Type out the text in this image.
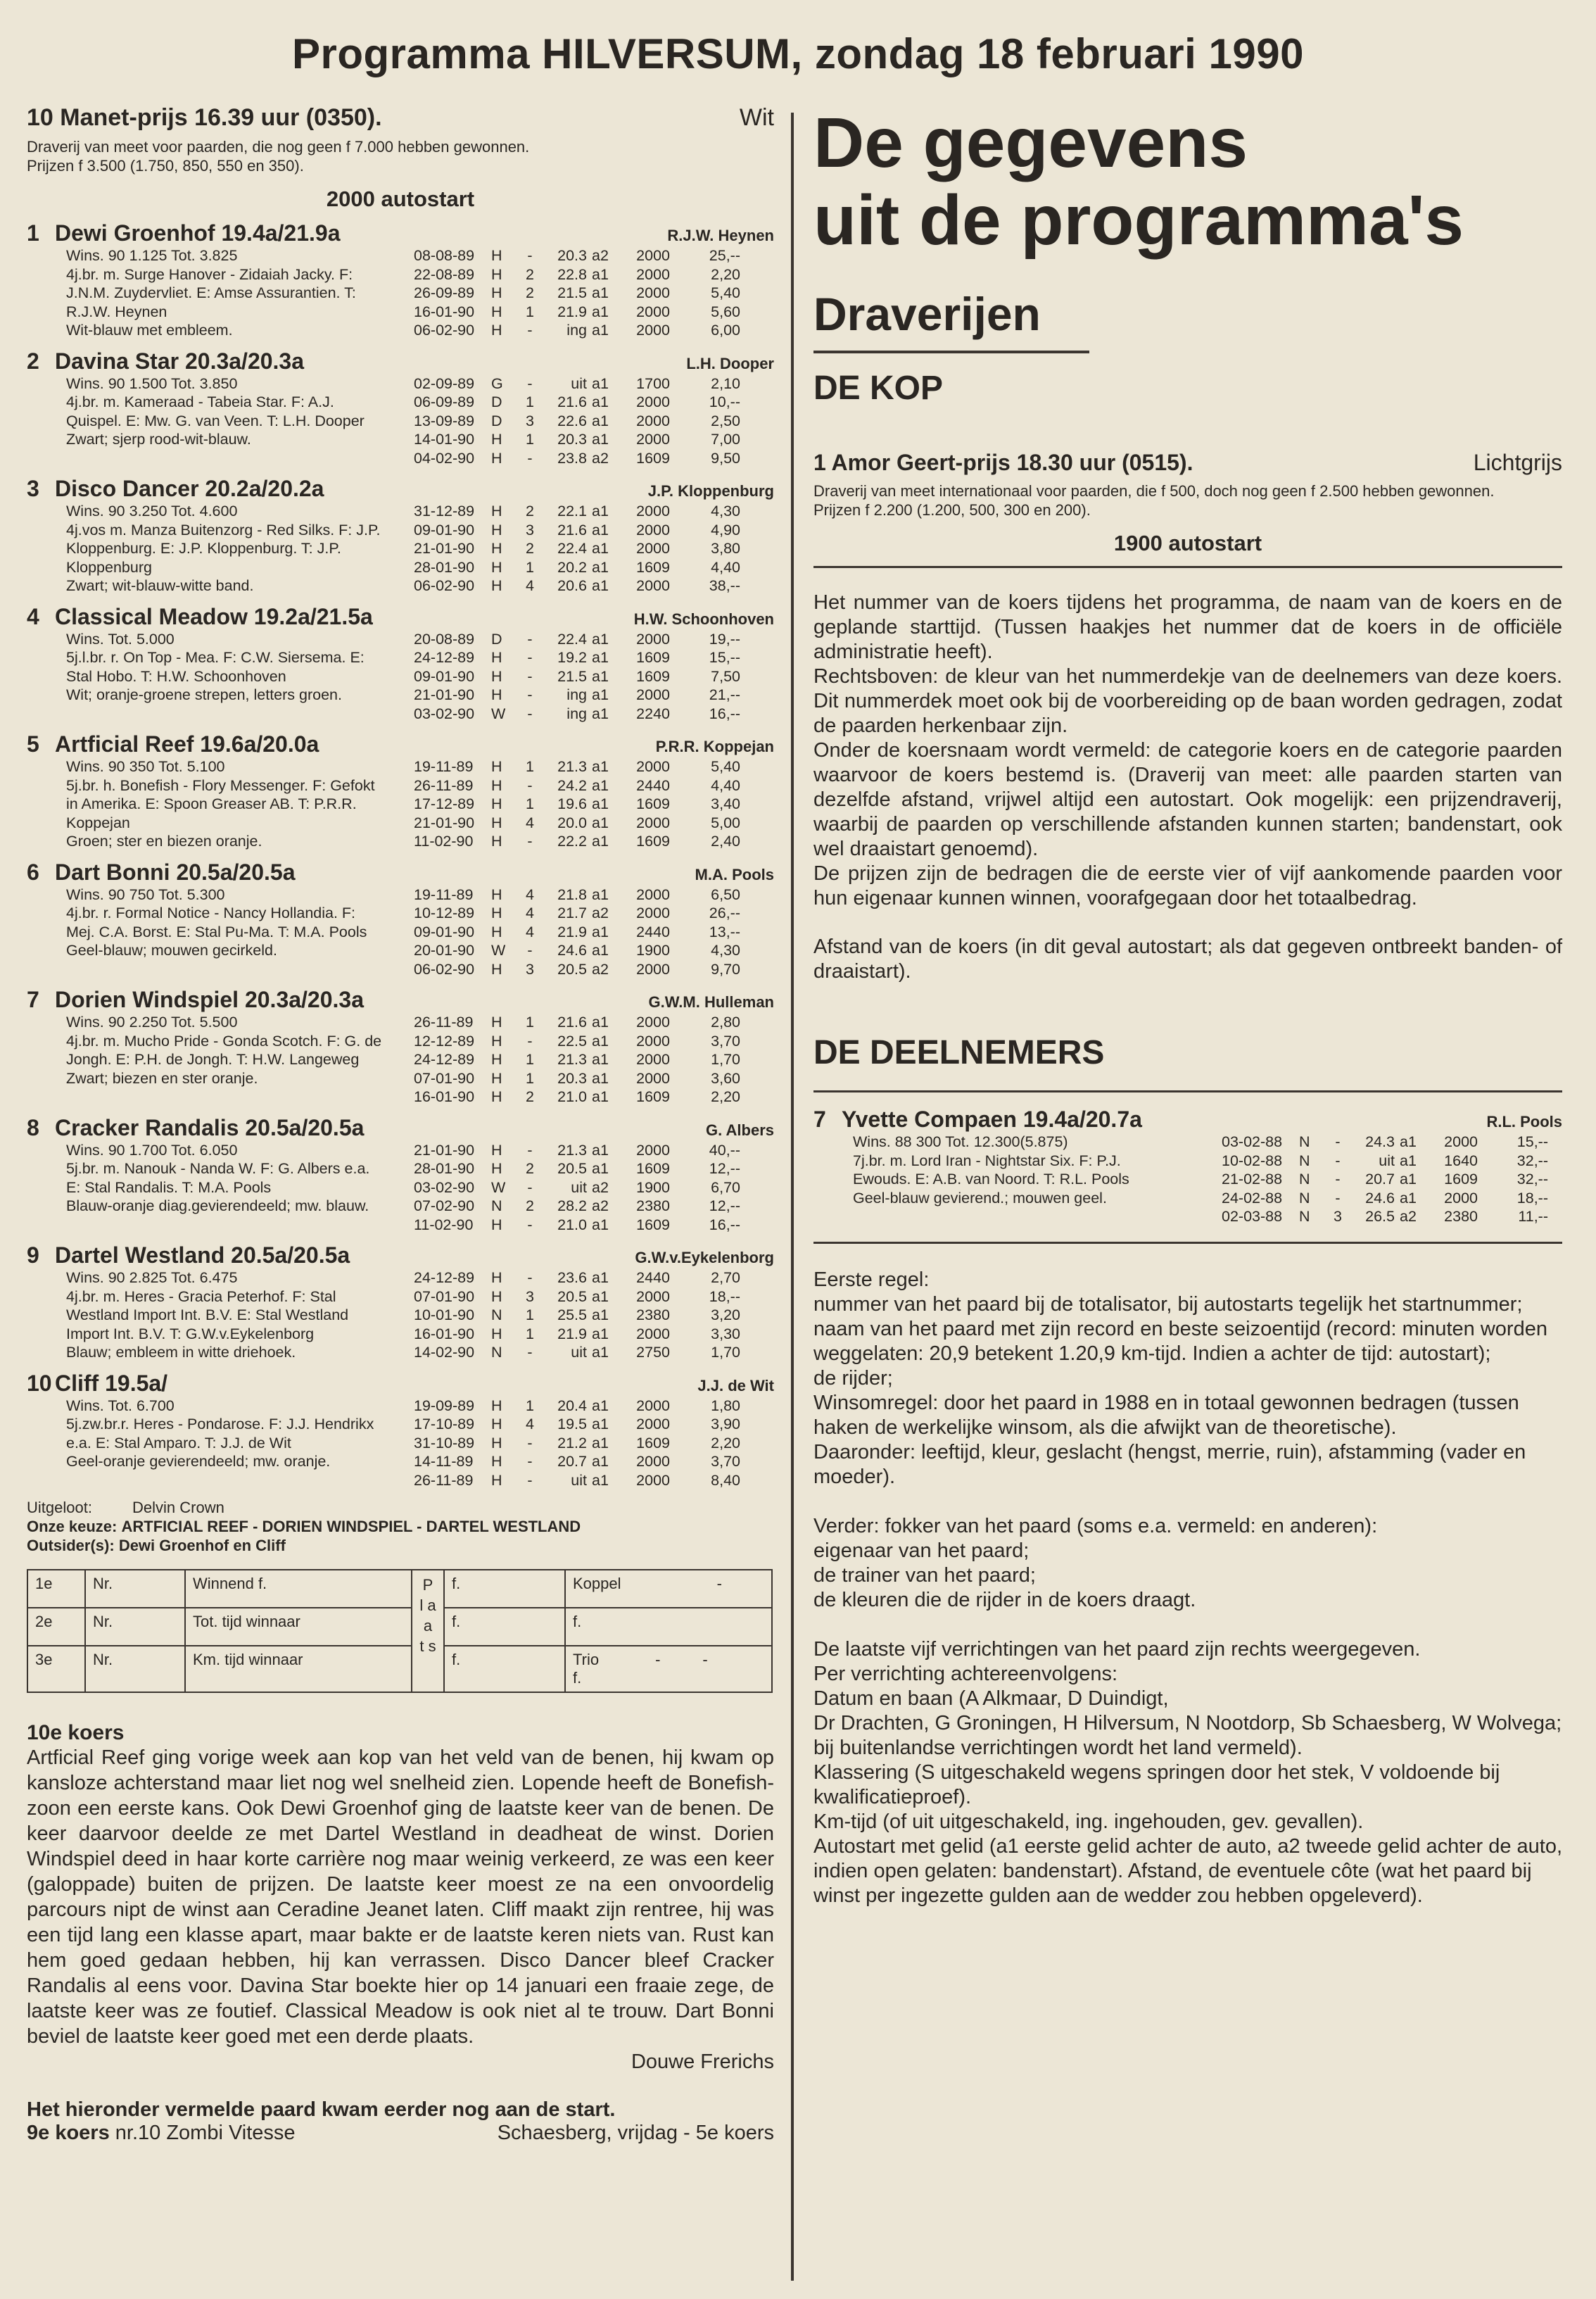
Programma HILVERSUM, zondag 18 februari 1990
10 Manet-prijs 16.39 uur (0350).	Wit
Draverij van meet voor paarden, die nog geen f 7.000 hebben gewonnen.
Prijzen f 3.500 (1.750, 850, 550 en 350).
2000 autostart
1 Dewi Groenhof 19.4a/21.9a	R.J.W. Heynen
Wins. 90 1.125 Tot. 3.825
4j.br. m. Surge Hanover - Zidaiah Jacky. F:
J.N.M. Zuydervliet. E: Amse Assurantien. T:
R.J.W. Heynen
Wit-blauw met embleem.
08-08-89	H	-	20.3 a2	2000	25,--
22-08-89	H	2	22.8 a1	2000	2,20
26-09-89	H	2	21.5 a1	2000	5,40
16-01-90	H	1	21.9 a1	2000	5,60
06-02-90	H	-	ing a1	2000	6,00
2 Davina Star 20.3a/20.3a	L.H. Dooper
Wins. 90 1.500 Tot. 3.850
4j.br. m. Kameraad - Tabeia Star. F: A.J.
Quispel. E: Mw. G. van Veen. T: L.H. Dooper
Zwart; sjerp rood-wit-blauw.
02-09-89	G	-	uit a1	1700	2,10
06-09-89	D	1	21.6 a1	2000	10,--
13-09-89	D	3	22.6 a1	2000	2,50
14-01-90	H	1	20.3 a1	2000	7,00
04-02-90	H	-	23.8 a2	1609	9,50
3 Disco Dancer 20.2a/20.2a	J.P. Kloppenburg
Wins. 90 3.250 Tot. 4.600
4j.vos m. Manza Buitenzorg - Red Silks. F: J.P.
Kloppenburg. E: J.P. Kloppenburg. T: J.P.
Kloppenburg
Zwart; wit-blauw-witte band.
31-12-89	H	2	22.1 a1	2000	4,30
09-01-90	H	3	21.6 a1	2000	4,90
21-01-90	H	2	22.4 a1	2000	3,80
28-01-90	H	1	20.2 a1	1609	4,40
06-02-90	H	4	20.6 a1	2000	38,--
4 Classical Meadow 19.2a/21.5a	H.W. Schoonhoven
Wins. Tot. 5.000
5j.l.br. r. On Top - Mea. F: C.W. Siersema. E:
Stal Hobo. T: H.W. Schoonhoven
Wit; oranje-groene strepen, letters groen.
20-08-89	D	-	22.4 a1	2000	19,--
24-12-89	H	-	19.2 a1	1609	15,--
09-01-90	H	-	21.5 a1	1609	7,50
21-01-90	H	-	ing a1	2000	21,--
03-02-90	W	-	ing a1	2240	16,--
5 Artficial Reef 19.6a/20.0a	P.R.R. Koppejan
Wins. 90 350 Tot. 5.100
5j.br. h. Bonefish - Flory Messenger. F: Gefokt
in Amerika. E: Spoon Greaser AB. T: P.R.R.
Koppejan
Groen; ster en biezen oranje.
19-11-89	H	1	21.3 a1	2000	5,40
26-11-89	H	-	24.2 a1	2440	4,40
17-12-89	H	1	19.6 a1	1609	3,40
21-01-90	H	4	20.0 a1	2000	5,00
11-02-90	H	-	22.2 a1	1609	2,40
6 Dart Bonni 20.5a/20.5a	M.A. Pools
Wins. 90 750 Tot. 5.300
4j.br. r. Formal Notice - Nancy Hollandia. F:
Mej. C.A. Borst. E: Stal Pu-Ma. T: M.A. Pools
Geel-blauw; mouwen gecirkeld.
19-11-89	H	4	21.8 a1	2000	6,50
10-12-89	H	4	21.7 a2	2000	26,--
09-01-90	H	4	21.9 a1	2440	13,--
20-01-90	W	-	24.6 a1	1900	4,30
06-02-90	H	3	20.5 a2	2000	9,70
7 Dorien Windspiel 20.3a/20.3a	G.W.M. Hulleman
Wins. 90 2.250 Tot. 5.500
4j.br. m. Mucho Pride - Gonda Scotch. F: G. de
Jongh. E: P.H. de Jongh. T: H.W. Langeweg
Zwart; biezen en ster oranje.
26-11-89	H	1	21.6 a1	2000	2,80
12-12-89	H	-	22.5 a1	2000	3,70
24-12-89	H	1	21.3 a1	2000	1,70
07-01-90	H	1	20.3 a1	2000	3,60
16-01-90	H	2	21.0 a1	1609	2,20
8 Cracker Randalis 20.5a/20.5a	G. Albers
Wins. 90 1.700 Tot. 6.050
5j.br. m. Nanouk - Nanda W. F: G. Albers e.a.
E: Stal Randalis. T: M.A. Pools
Blauw-oranje diag.gevierendeeld; mw. blauw.
21-01-90	H	-	21.3 a1	2000	40,--
28-01-90	H	2	20.5 a1	1609	12,--
03-02-90	W	-	uit a2	1900	6,70
07-02-90	N	2	28.2 a2	2380	12,--
11-02-90	H	-	21.0 a1	1609	16,--
9 Dartel Westland 20.5a/20.5a	G.W.v.Eykelenborg
Wins. 90 2.825 Tot. 6.475
4j.br. m. Heres - Gracia Peterhof. F: Stal
Westland Import Int. B.V. E: Stal Westland
Import Int. B.V. T: G.W.v.Eykelenborg
Blauw; embleem in witte driehoek.
24-12-89	H	-	23.6 a1	2440	2,70
07-01-90	H	3	20.5 a1	2000	18,--
10-01-90	N	1	25.5 a1	2380	3,20
16-01-90	H	1	21.9 a1	2000	3,30
14-02-90	N	-	uit a1	2750	1,70
10 Cliff 19.5a/	J.J. de Wit
Wins. Tot. 6.700
5j.zw.br.r. Heres - Pondarose. F: J.J. Hendrikx
e.a. E: Stal Amparo. T: J.J. de Wit
Geel-oranje gevierendeeld; mw. oranje.
19-09-89	H	1	20.4 a1	2000	1,80
17-10-89	H	4	19.5 a1	2000	3,90
31-10-89	H	-	21.2 a1	1609	2,20
14-11-89	H	-	20.7 a1	2000	3,70
26-11-89	H	-	uit a1	2000	8,40
Uitgeloot:	Delvin Crown
Onze keuze: ARTFICIAL REEF - DORIEN WINDSPIEL - DARTEL WESTLAND
Outsider(s): Dewi Groenhof en Cliff
1e	Nr.	Winnend f.	P l a a t s	f.	Koppel -

2e	Nr.	Tot. tijd winnaar		f.	f.
3e	Nr.	Km. tijd winnaar		f.	Trio - -
f.
10e koers
Artficial Reef ging vorige week aan kop van het veld van de benen, hij kwam op kansloze achterstand maar liet nog wel snelheid zien. Lopende heeft de Bonefish-zoon een eerste kans. Ook Dewi Groenhof ging de laatste keer van de benen. De keer daarvoor deelde ze met Dartel Westland in deadheat de winst. Dorien Windspiel deed in haar korte carrière nog maar weinig verkeerd, ze was een keer (galoppade) buiten de prijzen. De laatste keer moest ze na een onvoordelig parcours nipt de winst aan Ceradine Jeanet laten. Cliff maakt zijn rentree, hij was een tijd lang een klasse apart, maar bakte er de laatste keren niets van. Rust kan hem goed gedaan hebben, hij kan verrassen. Disco Dancer bleef Cracker Randalis al eens voor. Davina Star boekte hier op 14 januari een fraaie zege, de laatste keer was ze foutief. Classical Meadow is ook niet al te trouw. Dart Bonni beviel de laatste keer goed met een derde plaats.
Douwe Frerichs
Het hieronder vermelde paard kwam eerder nog aan de start.
9e koers nr.10 Zombi Vitesse	Schaesberg, vrijdag - 5e koers
De gegevens
uit de programma's
Draverijen
DE KOP
1 Amor Geert-prijs 18.30 uur (0515).	Lichtgrijs
Draverij van meet internationaal voor paarden, die f 500, doch nog geen f 2.500 hebben gewonnen.
Prijzen f 2.200 (1.200, 500, 300 en 200).
1900 autostart
Het nummer van de koers tijdens het programma, de naam van de koers en de geplande starttijd. (Tussen haakjes het nummer dat de koers in de officiële administratie heeft).
Rechtsboven: de kleur van het nummerdekje van de deelnemers van deze koers. Dit nummerdek moet ook bij de voorbereiding op de baan worden gedragen, zodat de paarden herkenbaar zijn.
Onder de koersnaam wordt vermeld: de categorie koers en de categorie paarden waarvoor de koers bestemd is. (Draverij van meet: alle paarden starten van dezelfde afstand, vrijwel altijd een autostart. Ook mogelijk: een prijzendraverij, waarbij de paarden op verschillende afstanden kunnen starten; bandenstart, ook wel draaistart genoemd).
De prijzen zijn de bedragen die de eerste vier of vijf aankomende paarden voor hun eigenaar kunnen winnen, voorafgegaan door het totaalbedrag.
Afstand van de koers (in dit geval autostart; als dat gegeven ontbreekt banden- of draaistart).
DE DEELNEMERS
7 Yvette Compaen 19.4a/20.7a	R.L. Pools
Wins. 88 300 Tot. 12.300(5.875)
7j.br. m. Lord Iran - Nightstar Six. F: P.J.
Ewouds. E: A.B. van Noord. T: R.L. Pools
Geel-blauw gevierend.; mouwen geel.
03-02-88	N	-	24.3 a1	2000	15,--
10-02-88	N	-	uit a1	1640	32,--
21-02-88	N	-	20.7 a1	1609	32,--
24-02-88	N	-	24.6 a1	2000	18,--
02-03-88	N	3	26.5 a2	2380	11,--
Eerste regel:
nummer van het paard bij de totalisator, bij autostarts tegelijk het startnummer;
naam van het paard met zijn record en beste seizoentijd (record: minuten worden weggelaten: 20,9 betekent 1.20,9 km-tijd. Indien a achter de tijd: autostart);
de rijder;
Winsomregel: door het paard in 1988 en in totaal gewonnen bedragen (tussen haken de werkelijke winsom, als die afwijkt van de theoretische).
Daaronder: leeftijd, kleur, geslacht (hengst, merrie, ruin), afstamming (vader en moeder).
Verder: fokker van het paard (soms e.a. vermeld: en anderen):
eigenaar van het paard;
de trainer van het paard;
de kleuren die de rijder in de koers draagt.
De laatste vijf verrichtingen van het paard zijn rechts weergegeven.
Per verrichting achtereenvolgens:
Datum en baan (A Alkmaar, D Duindigt,
Dr Drachten, G Groningen, H Hilversum, N Nootdorp, Sb Schaesberg, W Wolvega;
bij buitenlandse verrichtingen wordt het land vermeld).
Klassering (S uitgeschakeld wegens springen door het stek, V voldoende bij kwalificatieproef).
Km-tijd (of uit uitgeschakeld, ing. ingehouden, gev. gevallen).
Autostart met gelid (a1 eerste gelid achter de auto, a2 tweede gelid achter de auto, indien open gelaten: bandenstart). Afstand, de eventuele côte (wat het paard bij winst per ingezette gulden aan de wedder zou hebben opgeleverd).
